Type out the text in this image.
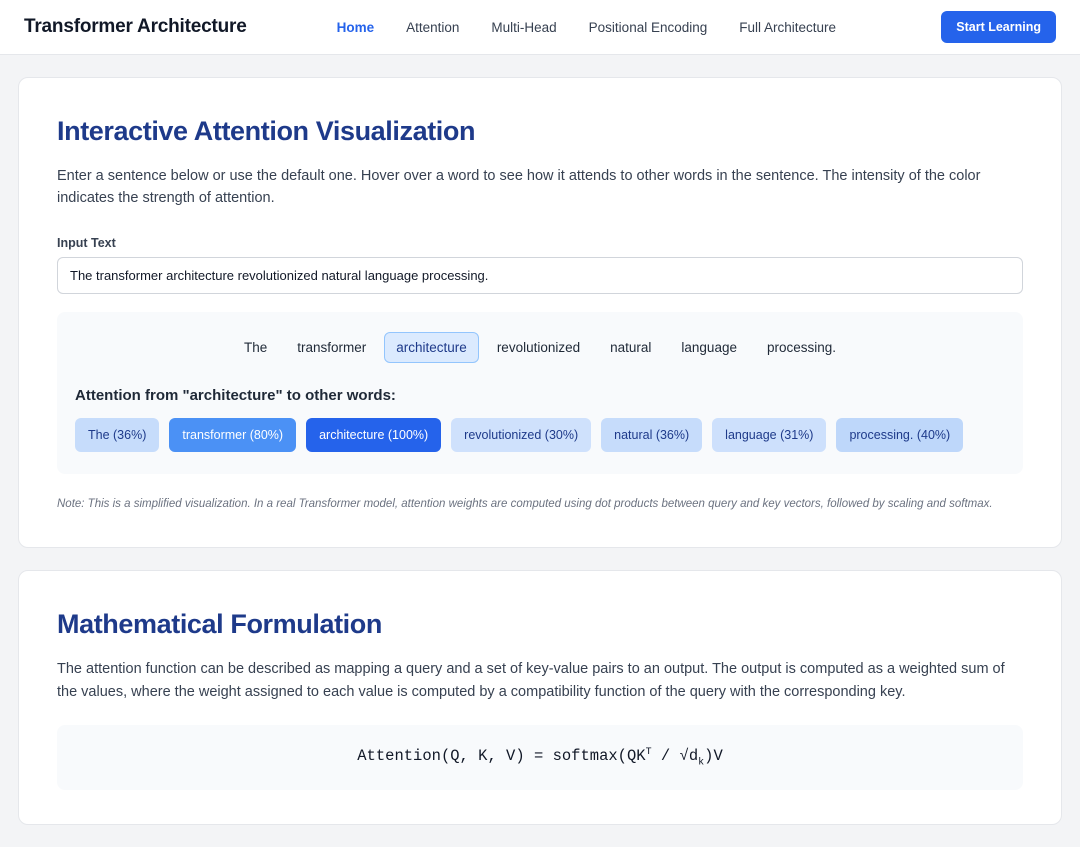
Transformer Architecture	Home Attention Multi-Head Positional Encoding Full Architecture	Start Learning
Interactive Attention Visualization

Enter a sentence below or use the default one. Hover over a word to see how it attends to other words in the sentence. The intensity of the color indicates the strength of attention.

Input Text
The transformer architecture revolutionized natural language processing.
The	transformer	architecture	revolutionized	natural	language	processing.
Attention from "architecture" to other words:
The (36%)	transformer (80%)	architecture (100%)	revolutionized (30%)	natural (36%)	language (31%)	processing. (40%)

Note: This is a simplified visualization. In a real Transformer model, attention weights are computed using dot products between query and key vectors, followed by scaling and softmax.

Mathematical Formulation

The attention function can be described as mapping a query and a set of key-value pairs to an output. The output is computed as a weighted sum of the values, where the weight assigned to each value is computed by a compatibility function of the query with the corresponding key.

Attention(Q, K, $V) = softmax(QK^T / √d_k)V$
